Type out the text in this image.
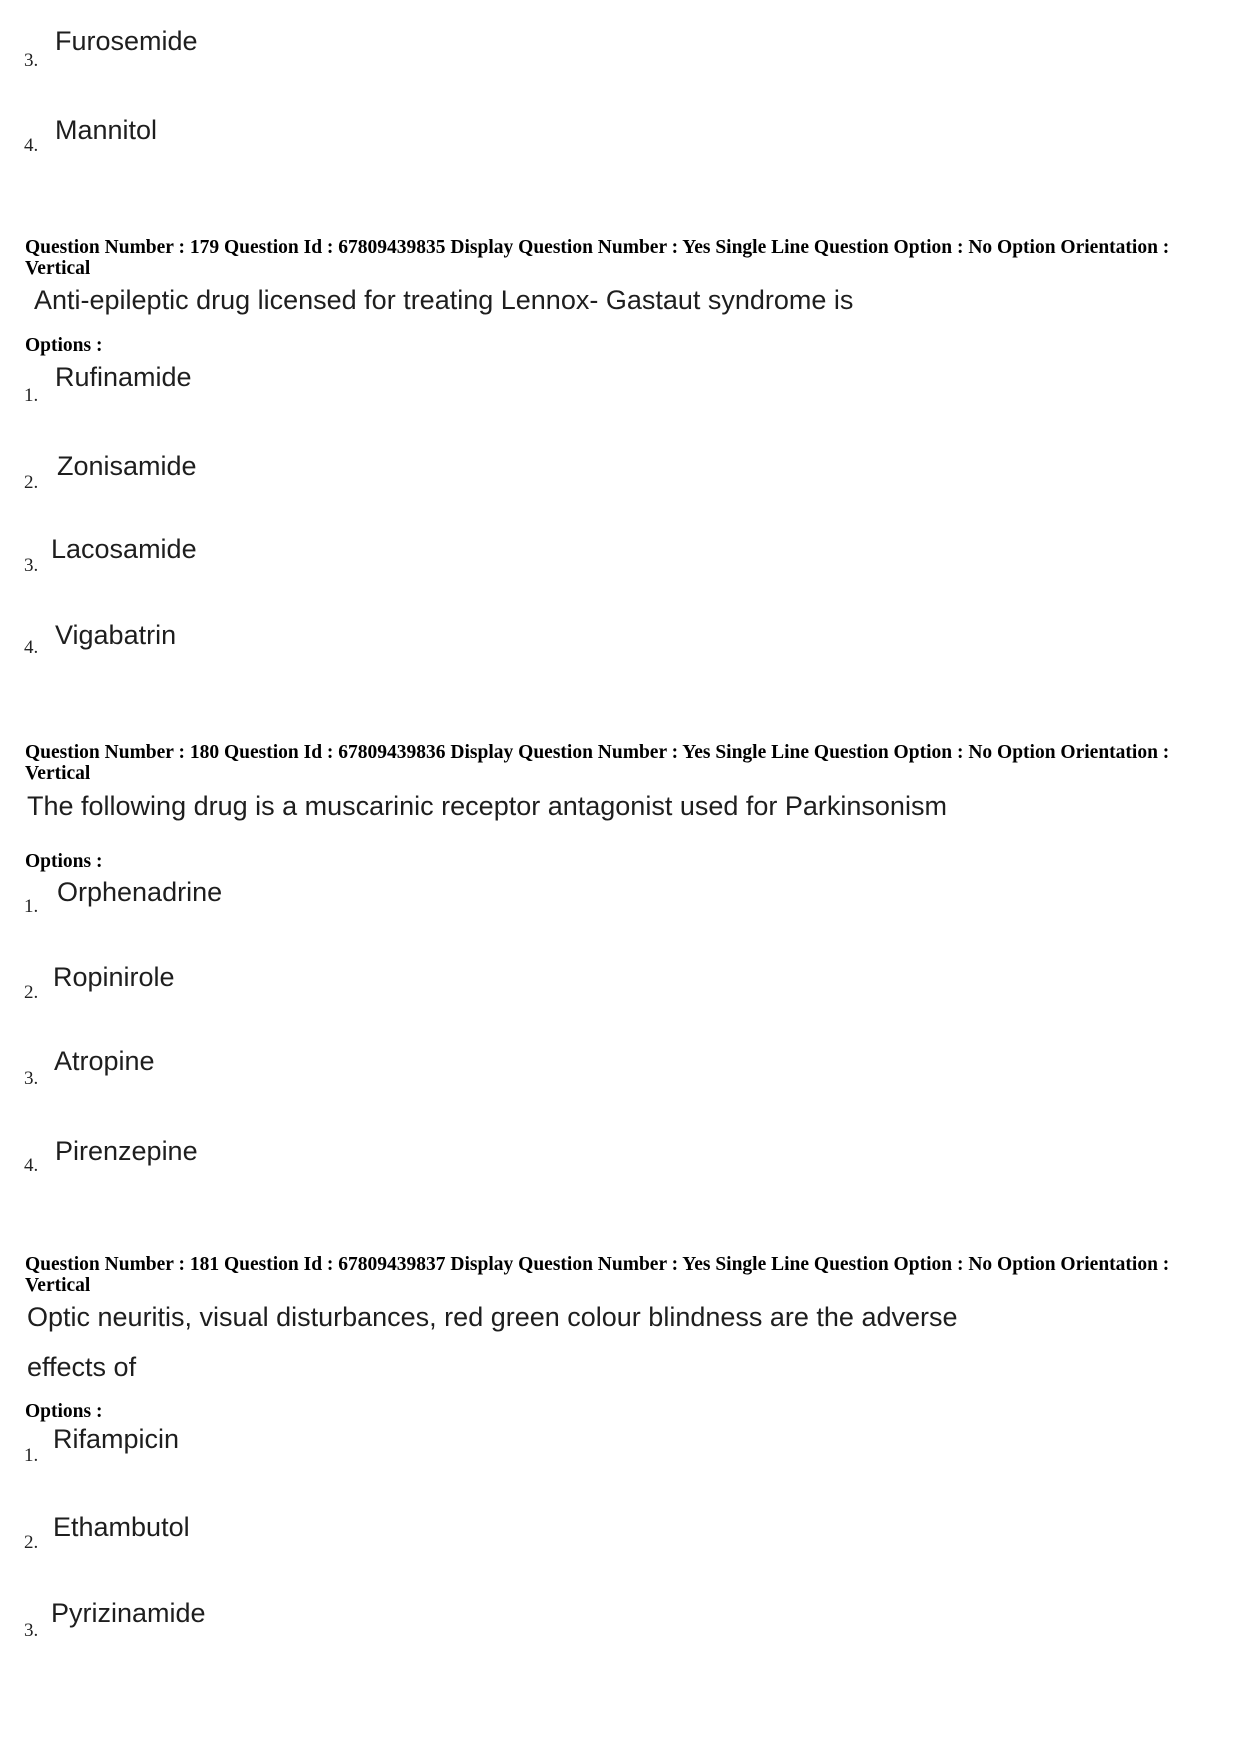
3.
Furosemide
4.
Mannitol
Question Number : 179 Question Id : 67809439835 Display Question Number : Yes Single Line Question Option : No Option Orientation : Vertical
Anti-epileptic drug licensed for treating Lennox- Gastaut syndrome is
Options :
1.
Rufinamide
2.
Zonisamide
3.
Lacosamide
4. Vigabatrin
Question Number : 180 Question Id : 67809439836 Display Question Number : Yes Single Line Question Option : No Option Orientation : Vertical
The following drug is a muscarinic receptor antagonist used for Parkinsonism
Options :
1. Orphenadrine
2.
Ropinirole
3.
Atropine
4. Pirenzepine
Question Number : 181 Question Id : 67809439837 Display Question Number : Yes Single Line Question Option : No Option Orientation : Vertical
Optic neuritis, visual disturbances, red green colour blindness are the adverse
effects of
Options :
1.
Rifampicin
2.
Ethambutol
3.
Pyrizinamide
